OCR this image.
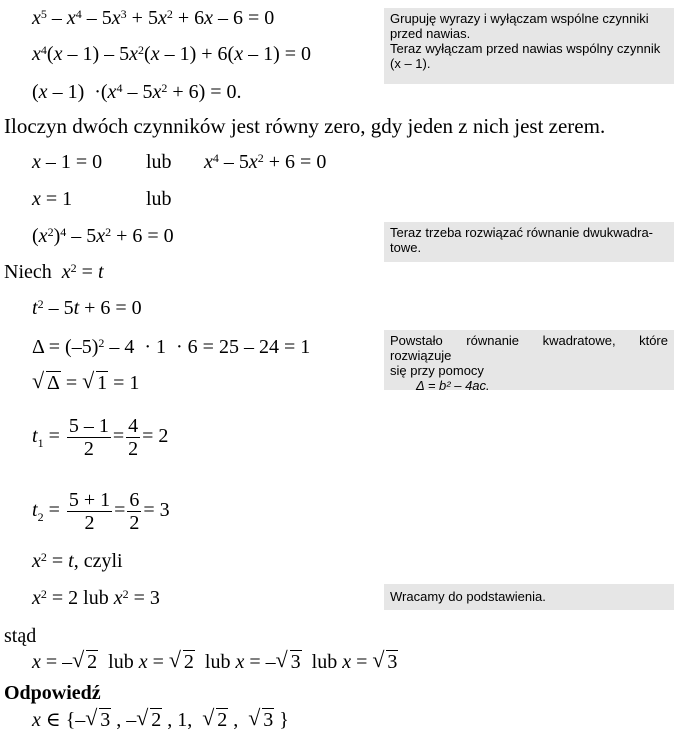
$x^5 - x^4 - 5x^3 + 5x^2 + 6x - 6 = 0$
$x^4(x - 1) - 5x^2(x - 1) + 6(x - 1) = 0$
$(x - 1) \cdot(x^4 - 5x^2 + 6) = 0$.
Grupuję wyrazy i wyłączam wspólne czynniki
przed nawias.
Teraz wyłączam przed nawias wspólny czynnik
(x – 1).
Iloczyn dwóch czynników jest równy zero, gdy jeden z nich jest zerem.
x – 1 = 0 lub $x^4 - 5x^2 + 6 = 0$
x = 1	lub
$(x^2)^4 - 5x^2 + 6 = 0$	Teraz trzeba rozwiązać równanie dwukwadra-
towe.
Niech $x^2 = t$
$t^2 - 5t + 6 = 0$
$\Delta = (-5)^2 - 4 \cdot 1 \cdot 6 = 25 - 24 = 1$	Powstało równanie kwadratowe, które rozwiązuje
się przy pomocy
Δ = b² – 4ac.
√ Δ = √ 1 = 1
$t_1 = \frac{5 - 1}{2} = \frac{4}{2} = 2$
$t_2 = \frac{5 + 1}{2} = \frac{6}{2} = 3$
$x^2 = t$, czyli
$x^2 = 2$ lub $x^2 = 3$	Wracamy do podstawienia.
stąd
x = – √ 2  lub x = √ 2  lub x = – √ 3  lub x = √ 3
Odpowiedź
x ∈ {– √ 3 , – √ 2 , 1, √ 2 , √ 3 }
